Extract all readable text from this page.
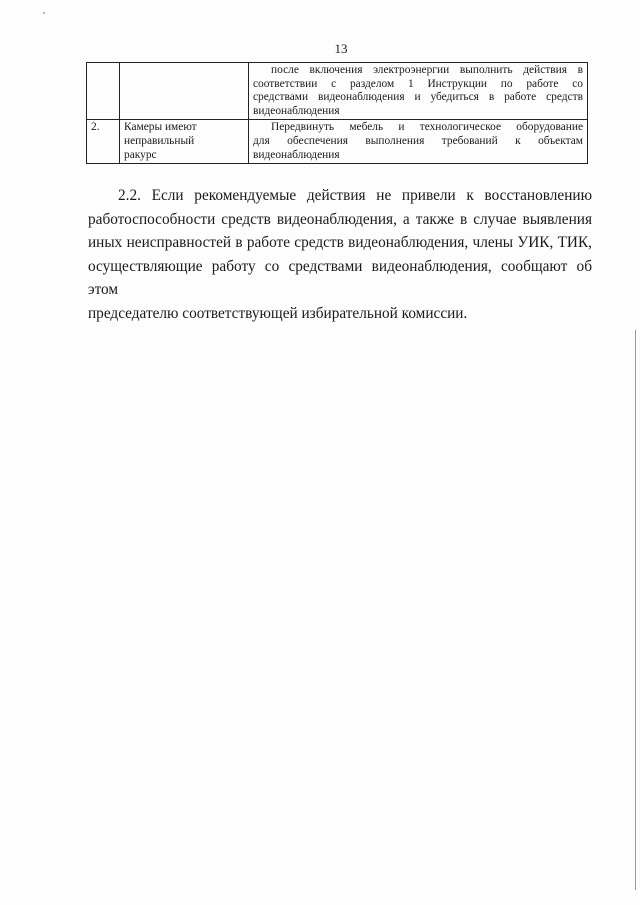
13

		после включения электроэнергии выполнить действия в
соответствии с разделом 1 Инструкции по работе со
средствами видеонаблюдения и убедиться в работе средств
видеонаблюдения

2.	Камеры имеют
неправильный
ракурс	Передвинуть мебель и технологическое оборудование
для обеспечения выполнения требований к объектам
видеонаблюдения
2.2. Если рекомендуемые действия не привели к восстановлению
работоспособности средств видеонаблюдения, а также в случае выявления
иных неисправностей в работе средств видеонаблюдения, члены УИК, ТИК,
осуществляющие работу со средствами видеонаблюдения, сообщают об этом
председателю соответствующей избирательной комиссии.
